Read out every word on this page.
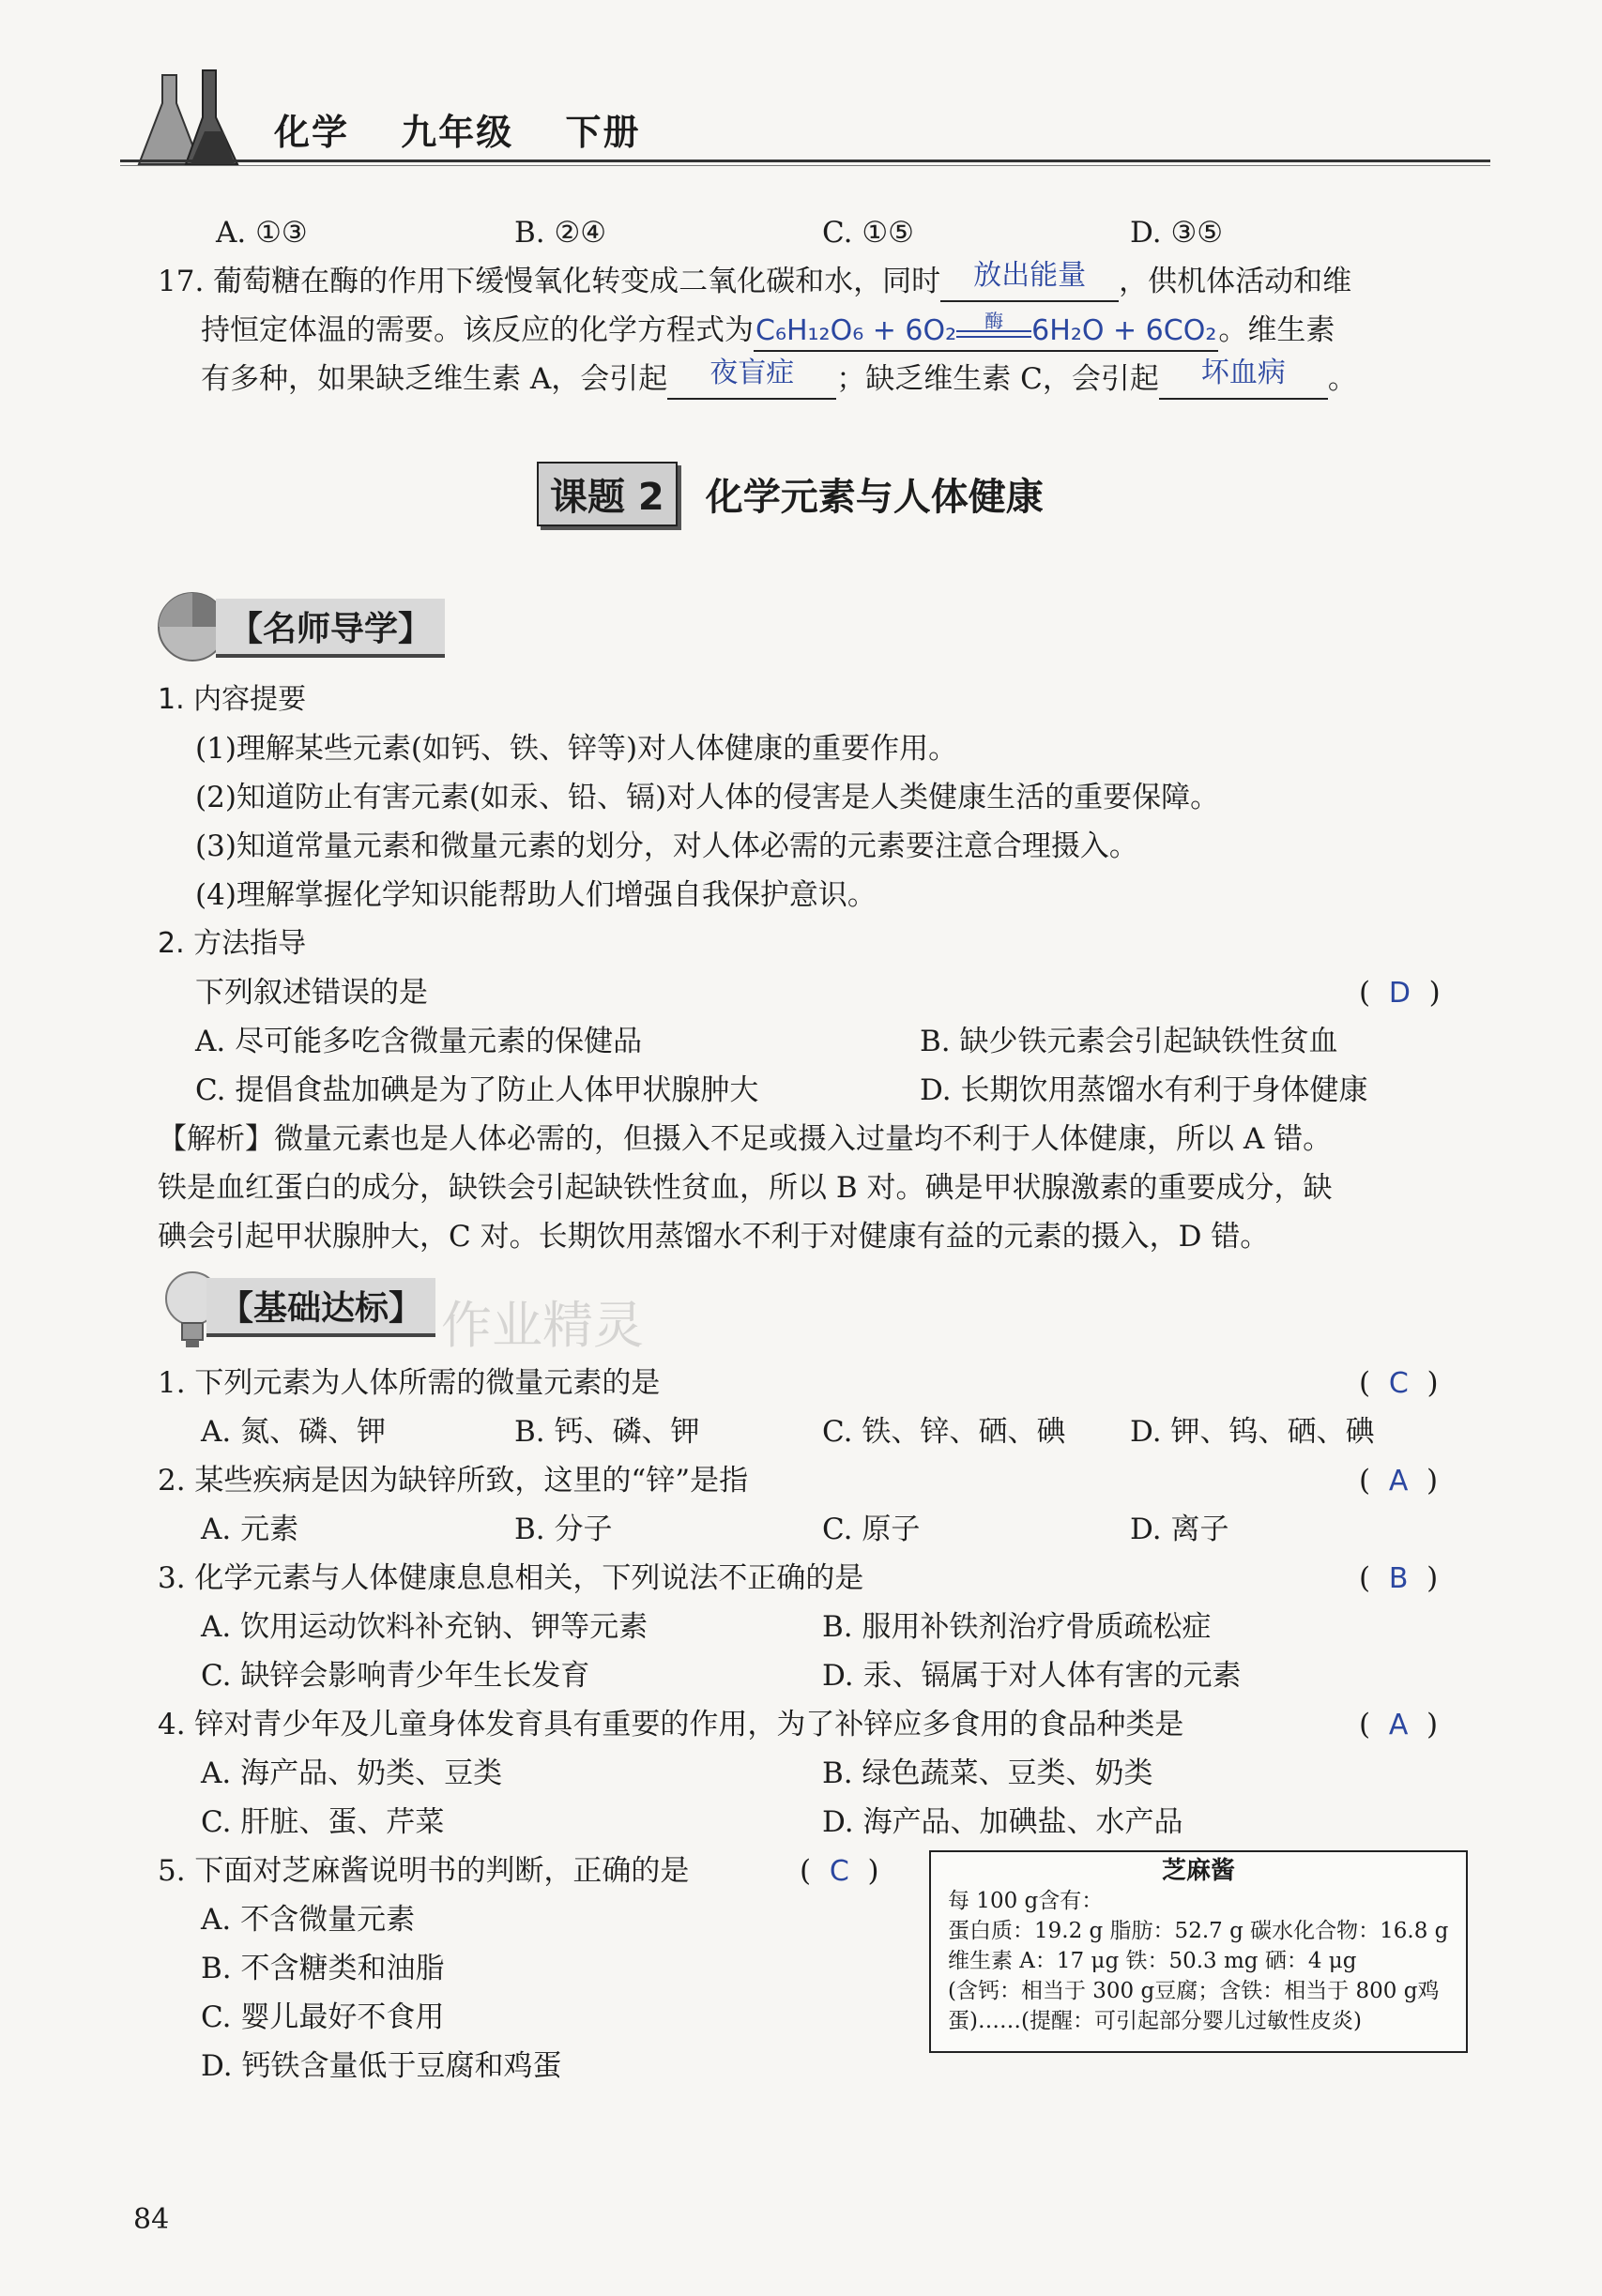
化学 九年级 下册
A. ①③	B. ②④	C. ①⑤	D. ③⑤
17. 葡萄糖在酶的作用下缓慢氧化转变成二氧化碳和水，同时	放出能量	，供机体活动和维
持恒定体温的需要。该反应的化学方程式为C₆H₁₂O₆ + 6O₂	酶	6H₂O + 6CO₂。维生素
有多种，如果缺乏维生素 A，会引起	夜盲症	；缺乏维生素 C，会引起	坏血病	。
课题 2 化学元素与人体健康
【名师导学】
1. 内容提要
(1)理解某些元素(如钙、铁、锌等)对人体健康的重要作用。
(2)知道防止有害元素(如汞、铅、镉)对人体的侵害是人类健康生活的重要保障。
(3)知道常量元素和微量元素的划分，对人体必需的元素要注意合理摄入。
(4)理解掌握化学知识能帮助人们增强自我保护意识。
2. 方法指导
下列叙述错误的是	(  D  )
A. 尽可能多吃含微量元素的保健品	B. 缺少铁元素会引起缺铁性贫血
C. 提倡食盐加碘是为了防止人体甲状腺肿大	D. 长期饮用蒸馏水有利于身体健康
【解析】微量元素也是人体必需的，但摄入不足或摄入过量均不利于人体健康，所以 A 错。
铁是血红蛋白的成分，缺铁会引起缺铁性贫血，所以 B 对。碘是甲状腺激素的重要成分，缺
碘会引起甲状腺肿大，C 对。长期饮用蒸馏水不利于对健康有益的元素的摄入，D 错。
【基础达标】 作业精灵
1. 下列元素为人体所需的微量元素的是	(  C  )
A. 氮、磷、钾	B. 钙、磷、钾	C. 铁、锌、硒、碘 D. 钾、钨、硒、碘
2. 某些疾病是因为缺锌所致，这里的“锌”是指	(  A  )
A. 元素	B. 分子	C. 原子	D. 离子
3. 化学元素与人体健康息息相关，下列说法不正确的是	(  B  )
A. 饮用运动饮料补充钠、钾等元素	B. 服用补铁剂治疗骨质疏松症
C. 缺锌会影响青少年生长发育	D. 汞、镉属于对人体有害的元素
4. 锌对青少年及儿童身体发育具有重要的作用，为了补锌应多食用的食品种类是	(  A  )
A. 海产品、奶类、豆类	B. 绿色蔬菜、豆类、奶类
C. 肝脏、蛋、芹菜	D. 海产品、加碘盐、水产品
5. 下面对芝麻酱说明书的判断，正确的是	(  C  )
A. 不含微量元素
B. 不含糖类和油脂
C. 婴儿最好不食用
D. 钙铁含量低于豆腐和鸡蛋
芝麻酱
每 100 g含有：
蛋白质：19.2 g 脂肪：52.7 g 碳水化合物：16.8 g
维生素 A：17 μg 铁：50.3 mg 硒：4 μg
(含钙：相当于 300 g豆腐；含铁：相当于 800 g鸡
蛋)……(提醒：可引起部分婴儿过敏性皮炎)
84
